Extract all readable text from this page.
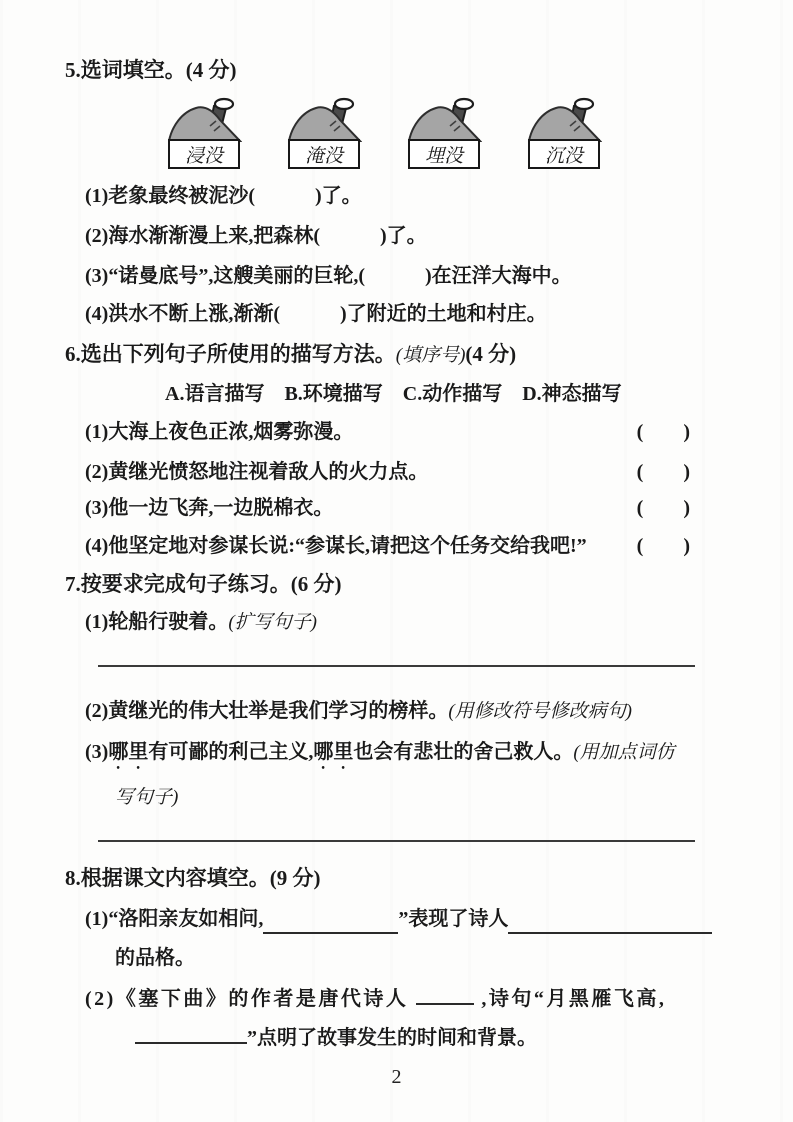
5.选词填空。(4 分)
浸没	淹没	埋没	沉没
(1)老象最终被泥沙(　　　)了。
(2)海水渐渐漫上来,把森林(　　　)了。
(3)“诺曼底号”,这艘美丽的巨轮,(　　　)在汪洋大海中。
(4)洪水不断上涨,渐渐(　　　)了附近的土地和村庄。
6.选出下列句子所使用的描写方法。(填序号)(4 分)
A.语言描写　B.环境描写　C.动作描写　D.神态描写
(1)大海上夜色正浓,烟雾弥漫。	(　　)
(2)黄继光愤怒地注视着敌人的火力点。	(　　)
(3)他一边飞奔,一边脱棉衣。	(　　)
(4)他坚定地对参谋长说:“参谋长,请把这个任务交给我吧!”	(　　)
7.按要求完成句子练习。(6 分)
(1)轮船行驶着。(扩写句子)
(2)黄继光的伟大壮举是我们学习的榜样。(用修改符号修改病句)
(3)哪里有可鄙的利己主义,哪里也会有悲壮的舍己救人。(用加点词仿
写句子)
8.根据课文内容填空。(9 分)
(1)“洛阳亲友如相问,	”表现了诗人
的品格。
(2)《塞下曲》的作者是唐代诗人	,诗句“月黑雁飞高,
”点明了故事发生的时间和背景。
2
